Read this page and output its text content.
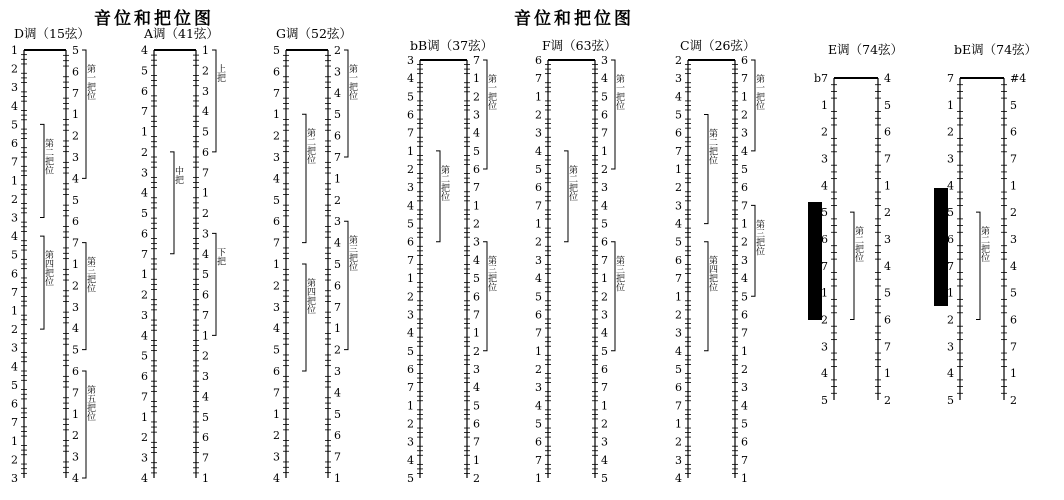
音位和把位图	音位和把位图
D调（15弦）
1
2
3
4
5
6
7
1
2
3
4
5
6
7
1
2
3
4
5
6
7
1
2
3
5
6
7
1
2
3
4
5
6
7
1
2
3
4
5
6
7
1
2
3
4
第一把位
第二把位
第三把位
第四把位
第五把位
A调（41弦）
4
5
6
7
1
2
3
4
5
6
7
1
2
3
4
5
6
7
1
2
3
4
1
2
3
4
5
6
7
1
2
3
4
5
6
7
1
2
3
4
5
6
7
1
上把
中把
下把
G调（52弦）
5
6
7
1
2
3
4
5
6
7
1
2
3
4
5
6
7
1
2
3
4
2
3
4
5
6
7
1
2
3
4
5
6
7
1
2
3
4
5
6
7
1
第一把位
第二把位
第三把位
第四把位
bB调（37弦）
3
4
5
6
7
1
2
3
4
5
6
7
1
2
3
4
5
6
7
1
2
3
4
5
7
1
2
3
4
5
6
7
1
2
3
4
5
6
7
1
2
3
4
5
6
7
1
2
第一把位
第二把位
第三把位
F调（63弦）
6
7
1
2
3
4
5
6
7
1
2
3
4
5
6
7
1
2
3
4
5
6
7
1
3
4
5
6
7
1
2
3
4
5
6
7
1
2
3
4
5
6
7
1
2
3
4
5
第一把位
第二把位
第三把位
C调（26弦）
2
3
4
5
6
7
1
2
3
4
5
6
7
1
2
3
4
5
6
7
1
2
3
4
6
7
1
2
3
4
5
6
7
1
2
3
4
5
6
7
1
2
3
4
5
6
7
1
第一把位
第二把位
第三把位
第四把位
E调（74弦）
b7
1
2
3
4
5
6
7
1
2
3
4
5
4
5
6
7
1
2
3
4
5
6
7
1
2
第二把位
bE调（74弦）
7
1
2
3
4
5
6
7
1
2
3
4
5
#4
5
6
7
1
2
3
4
5
6
7
1
2
第二把位
